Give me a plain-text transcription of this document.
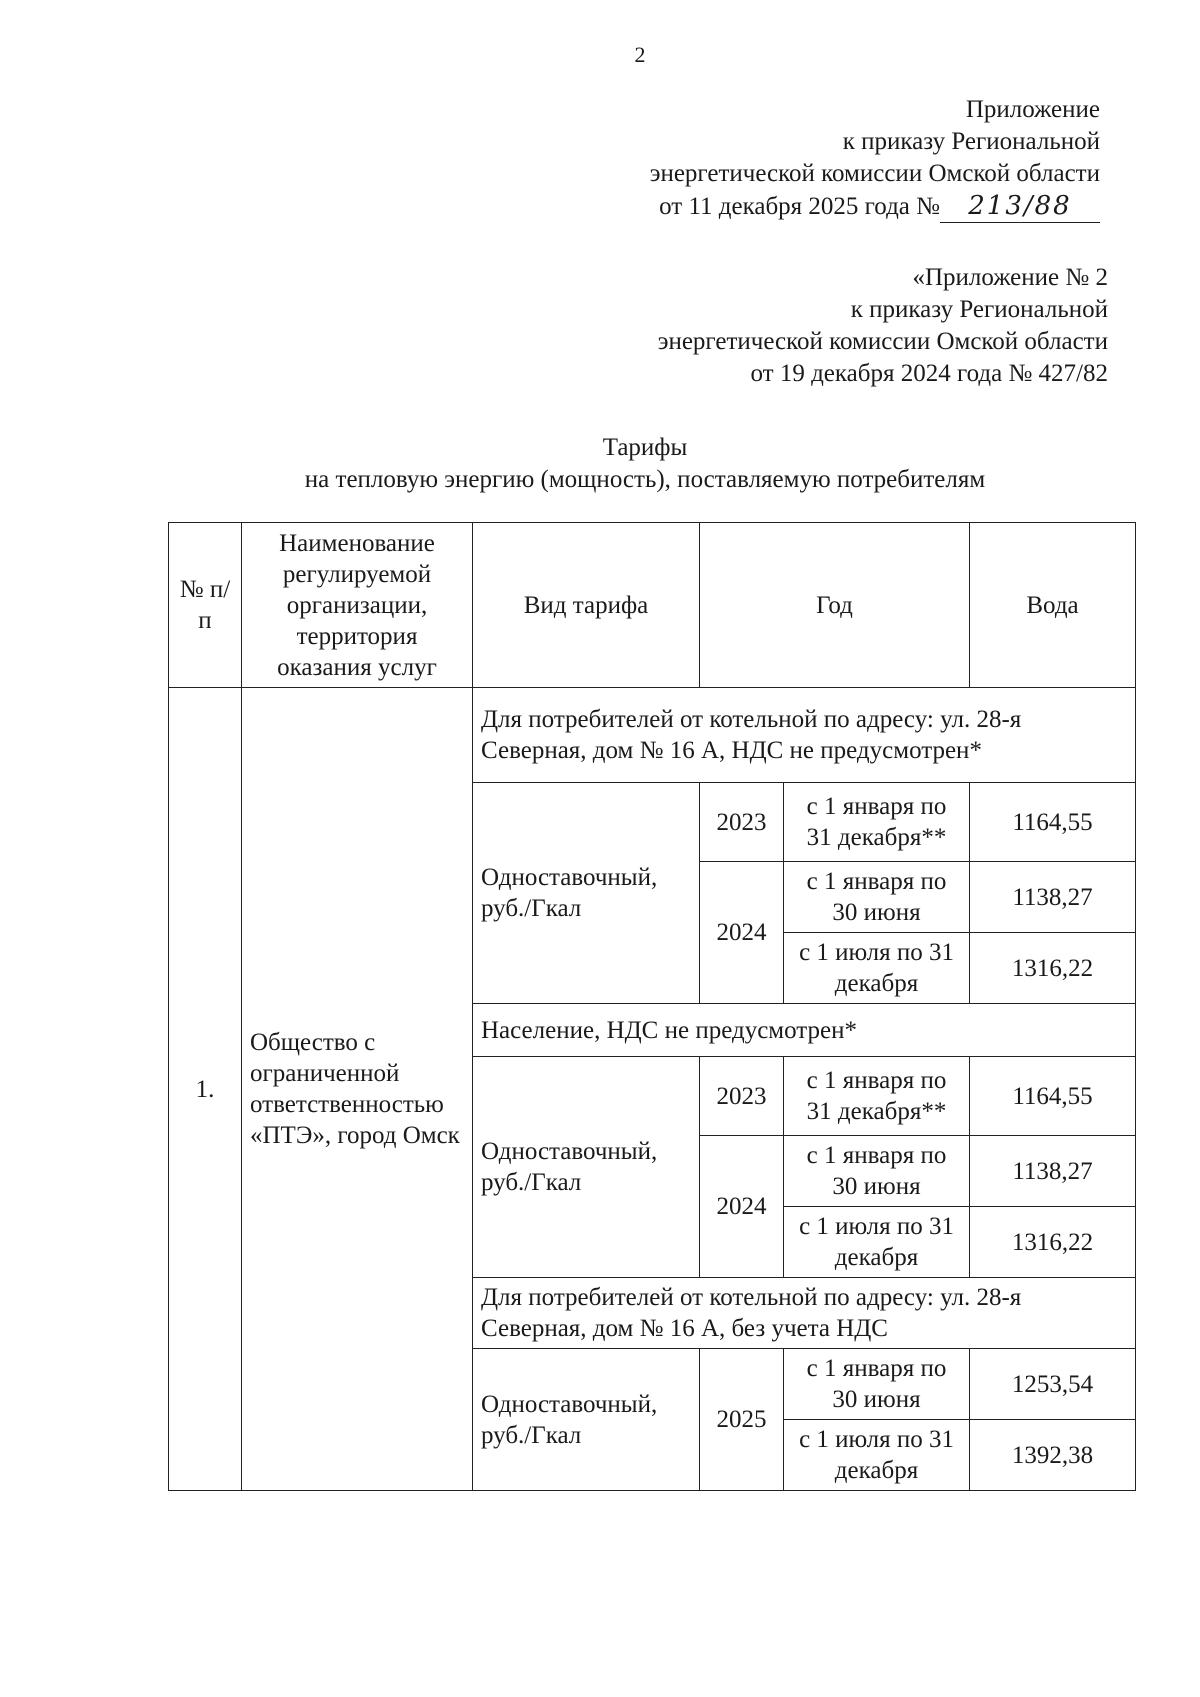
2
Приложение
к приказу Региональной
энергетической комиссии Омской области
от 11 декабря 2025 года № 213/88
«Приложение № 2
к приказу Региональной
энергетической комиссии Омской области
от 19 декабря 2024 года № 427/82
Тарифы
на тепловую энергию (мощность), поставляемую потребителям
№ п/п	Наименование регулируемой организации, территория оказания услуг	Вид тарифа	Год		Вода
1.	Общество с ограниченной ответственностью «ПТЭ», город Омск	Для потребителей от котельной по адресу: ул. 28-я Северная, дом № 16 А, НДС не предусмотрен*			
		Одноставочный, руб./Гкал	2023	с 1 января по 31 декабря**	1164,55
			2024	с 1 января по 30 июня	1138,27
				с 1 июля по 31 декабря	1316,22
		Население, НДС не предусмотрен*			
		Одноставочный, руб./Гкал	2023	с 1 января по 31 декабря**	1164,55
			2024	с 1 января по 30 июня	1138,27
				с 1 июля по 31 декабря	1316,22
		Для потребителей от котельной по адресу: ул. 28-я Северная, дом № 16 А, без учета НДС			
		Одноставочный, руб./Гкал	2025	с 1 января по 30 июня	1253,54
				с 1 июля по 31 декабря	1392,38
